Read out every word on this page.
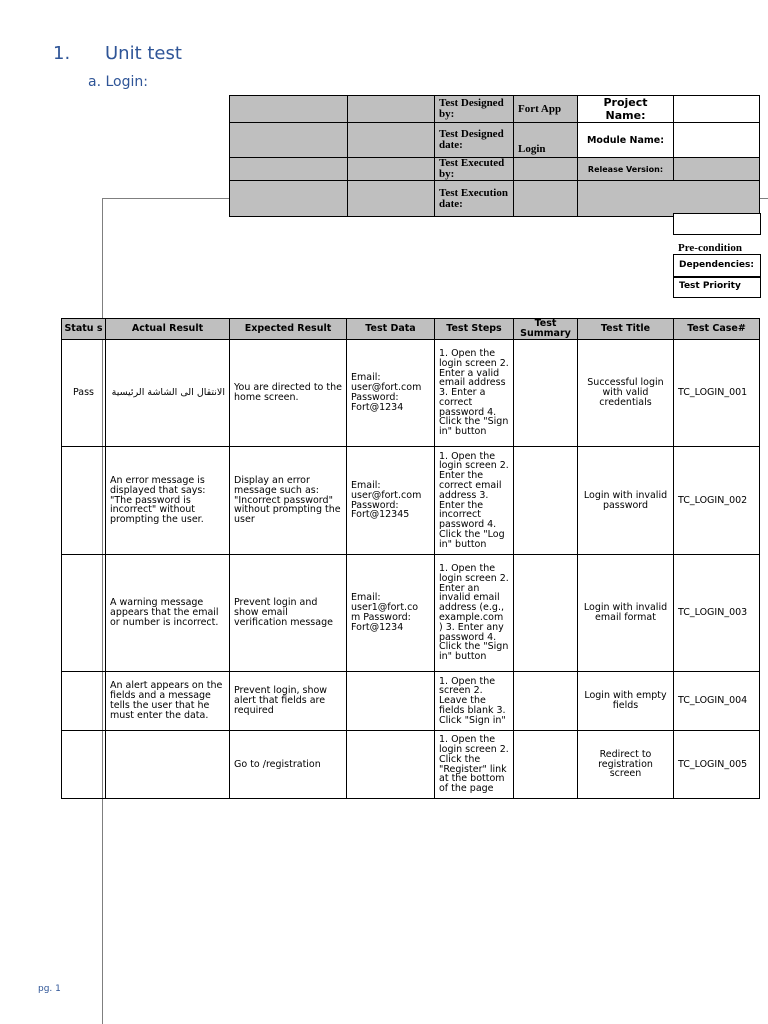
1. Unit test
a. Login:
		Test Designed by:	Fort App	Project Name:	
		Test Designed date:	Login	Module Name:	
		Test Executed by:		Release Version:	
		Test Execution date:			
Pre-condition
Dependencies:
Test Priority
Statu s	Actual Result	Expected Result	Test Data	Test Steps	Test Summary	Test Title	Test Case#
Pass	الانتقال الى الشاشة الرئيسية	You are directed to the home screen.	Email: user@fort.com Password: Fort@1234	1. Open the login screen 2. Enter a valid email address 3. Enter a correct password 4. Click the "Sign in" button		Successful login with valid credentials	TC_LOGIN_001
	An error message is displayed that says: "The password is incorrect" without prompting the user.	Display an error message such as: "Incorrect password" without prompting the user	Email: user@fort.com Password: Fort@12345	1. Open the login screen 2. Enter the correct email address 3. Enter the incorrect password 4. Click the "Log in" button		Login with invalid password	TC_LOGIN_002
	A warning message appears that the email or number is incorrect.	Prevent login and show email verification message	Email: user1@fort.co m Password: Fort@1234	1. Open the login screen 2. Enter an invalid email address (e.g., example.com ) 3. Enter any password 4. Click the "Sign in" button		Login with invalid email format	TC_LOGIN_003
	An alert appears on the fields and a message tells the user that he must enter the data.	Prevent login, show alert that fields are required		1. Open the screen 2. Leave the fields blank 3. Click "Sign in"		Login with empty fields	TC_LOGIN_004
		Go to /registration		1. Open the login screen 2. Click the "Register" link at the bottom of the page		Redirect to registration screen	TC_LOGIN_005
pg. 1
